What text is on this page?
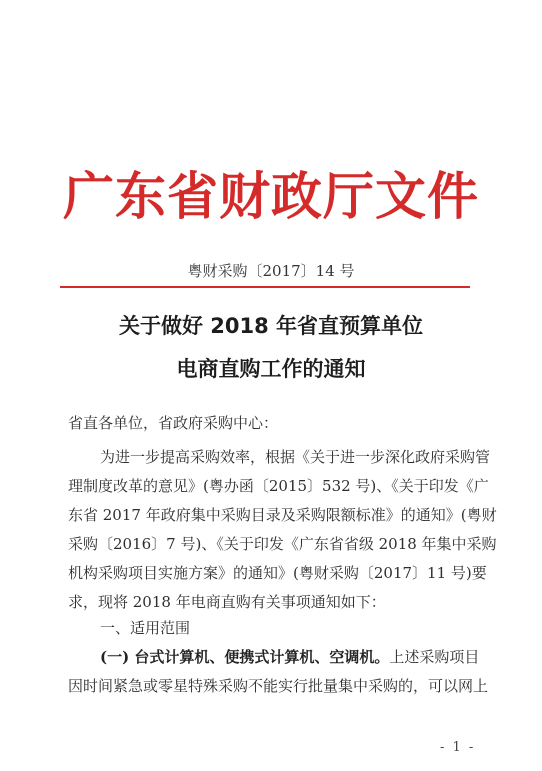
广东省财政厅文件
粤财采购〔2017〕14 号
关于做好 2018 年省直预算单位
电商直购工作的通知
省直各单位，省政府采购中心：
为进一步提高采购效率，根据《关于进一步深化政府采购管
理制度改革的意见》(粤办函〔2015〕532 号)、《关于印发《广
东省 2017 年政府集中采购目录及采购限额标准》的通知》(粤财
采购〔2016〕7 号)、《关于印发《广东省省级 2018 年集中采购
机构采购项目实施方案》的通知》(粤财采购〔2017〕11 号)要
求，现将 2018 年电商直购有关事项通知如下：
一、适用范围
(一) 台式计算机、便携式计算机、空调机。上述采购项目
因时间紧急或零星特殊采购不能实行批量集中采购的，可以网上
- 1 -
